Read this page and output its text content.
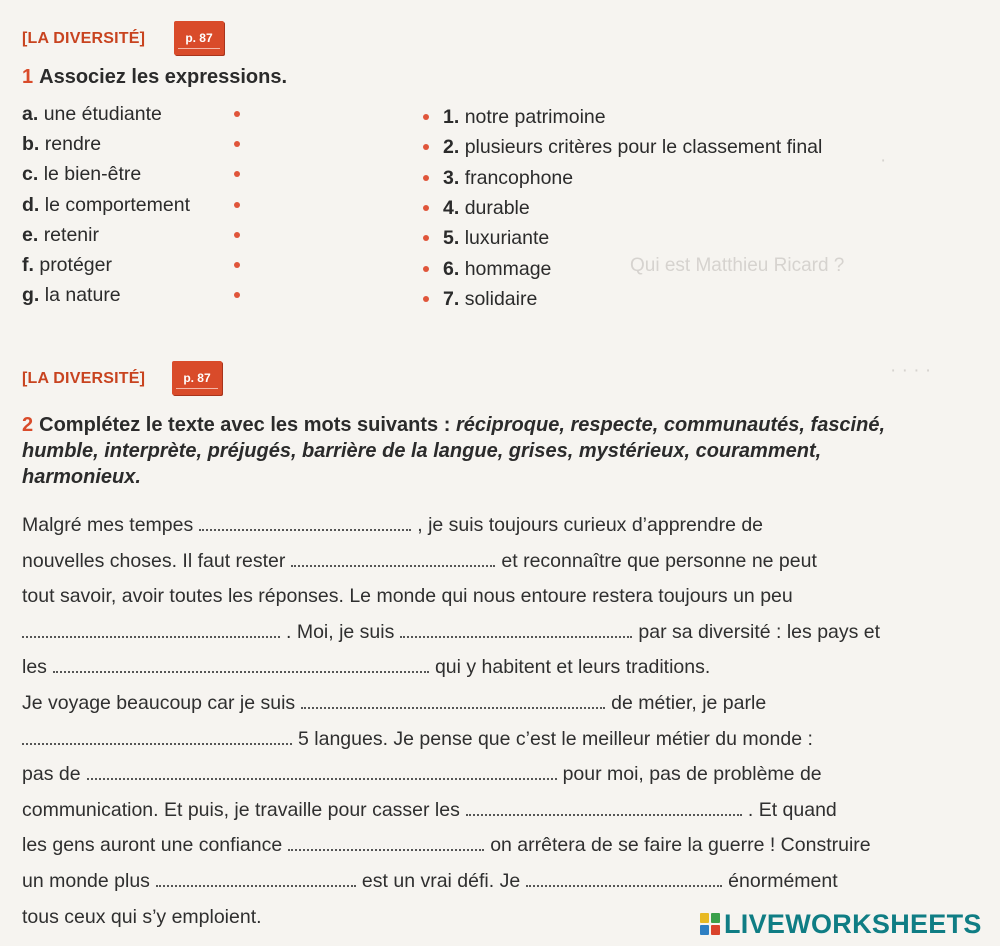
·
Qui est Matthieu Ricard ?
· · · ·
[LA DIVERSITÉ]	p. 87
1 Associez les expressions.
a. une étudiante
b. rendre
c. le bien-être
d. le comportement
e. retenir
f. protéger
g. la nature
1. notre patrimoine
2. plusieurs critères pour le classement final
3. francophone
4. durable
5. luxuriante
6. hommage
7. solidaire
[LA DIVERSITÉ]	p. 87
2 Complétez le texte avec les mots suivants : réciproque, respecte, communautés, fasciné, humble, interprète, préjugés, barrière de la langue, grises, mystérieux, couramment, harmonieux.
Malgré mes tempes	, je suis toujours curieux d’apprendre de
nouvelles choses. Il faut rester	et reconnaître que personne ne peut
tout savoir, avoir toutes les réponses. Le monde qui nous entoure restera toujours un peu
. Moi, je suis	par sa diversité : les pays et
les	qui y habitent et leurs traditions.
Je voyage beaucoup car je suis	de métier, je parle
5 langues. Je pense que c’est le meilleur métier du monde :
pas de	pour moi, pas de problème de
communication. Et puis, je travaille pour casser les	. Et quand
les gens auront une confiance	on arrêtera de se faire la guerre ! Construire
un monde plus	est un vrai défi. Je	énormément
tous ceux qui s’y emploient.	LIVEWORKSHEETS
